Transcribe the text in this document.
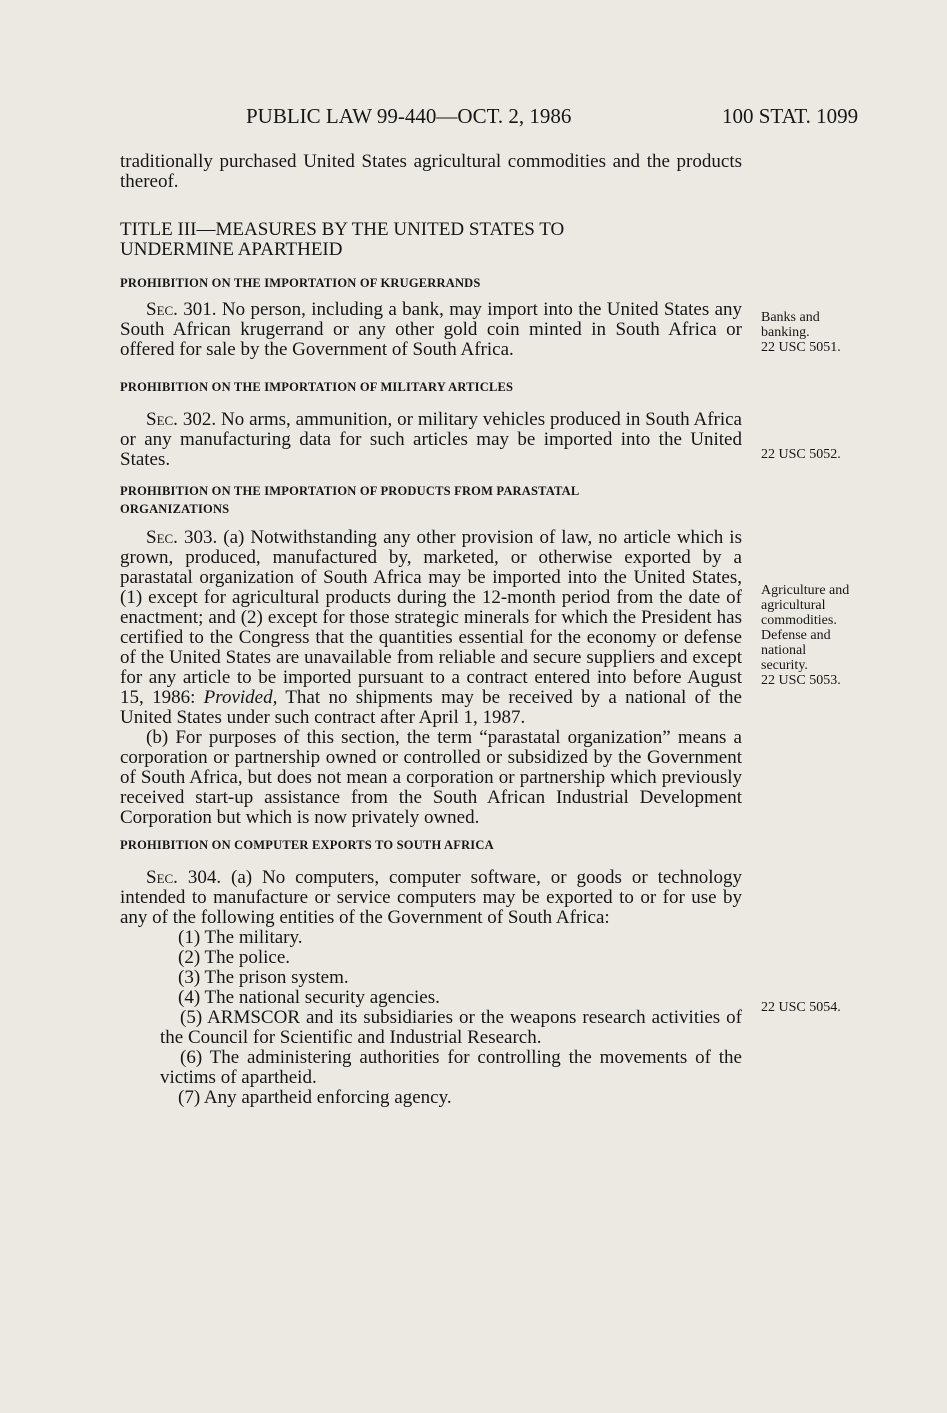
PUBLIC LAW 99-440—OCT. 2, 1986	100 STAT. 1099

traditionally purchased United States agricultural commodities and the products thereof.

TITLE III—MEASURES BY THE UNITED STATES TO

UNDERMINE APARTHEID

PROHIBITION ON THE IMPORTATION OF KRUGERRANDS

Sec. 301. No person, including a bank, may import into the United States any South African krugerrand or any other gold coin minted in South Africa or offered for sale by the Government of South Africa.

PROHIBITION ON THE IMPORTATION OF MILITARY ARTICLES

Sec. 302. No arms, ammunition, or military vehicles produced in South Africa or any manufacturing data for such articles may be imported into the United States.

PROHIBITION ON THE IMPORTATION OF PRODUCTS FROM PARASTATAL

ORGANIZATIONS

Sec. 303. (a) Notwithstanding any other provision of law, no article which is grown, produced, manufactured by, marketed, or otherwise exported by a parastatal organization of South Africa may be imported into the United States, (1) except for agricultural products during the 12-month period from the date of enactment; and (2) except for those strategic minerals for which the President has certified to the Congress that the quantities essential for the economy or defense of the United States are unavailable from reliable and secure suppliers and except for any article to be imported pursuant to a contract entered into before August 15, 1986: Provided, That no shipments may be received by a national of the United States under such contract after April 1, 1987.

(b) For purposes of this section, the term “parastatal organization” means a corporation or partnership owned or controlled or subsidized by the Government of South Africa, but does not mean a corporation or partnership which previously received start-up assistance from the South African Industrial Development Corporation but which is now privately owned.

PROHIBITION ON COMPUTER EXPORTS TO SOUTH AFRICA

Sec. 304. (a) No computers, computer software, or goods or technology intended to manufacture or service computers may be exported to or for use by any of the following entities of the Government of South Africa:

(1) The military.

(2) The police.

(3) The prison system.

(4) The national security agencies.

(5) ARMSCOR and its subsidiaries or the weapons research activities of the Council for Scientific and Industrial Research.

(6) The administering authorities for controlling the movements of the victims of apartheid.

(7) Any apartheid enforcing agency.

Banks and
banking.
22 USC 5051.
22 USC 5052.
Agriculture and
agricultural
commodities.
Defense and
national
security.
22 USC 5053.
22 USC 5054.
